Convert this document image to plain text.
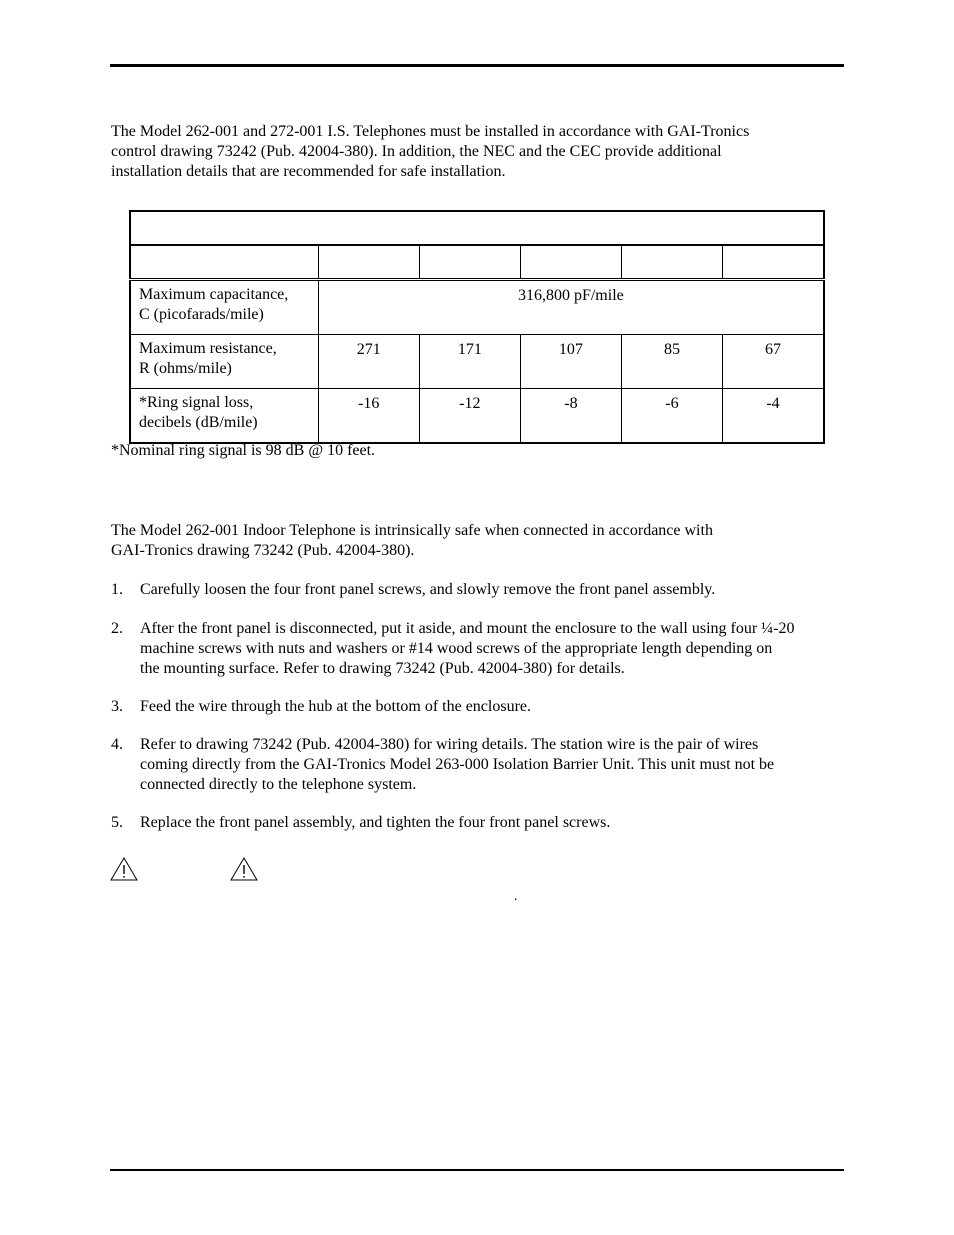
The Model 262-001 and 272-001 I.S. Telephones must be installed in accordance with GAI-Tronics
control drawing 73242 (Pub. 42004-380). In addition, the NEC and the CEC provide additional
installation details that are recommended for safe installation.

Maximum capacitance,
C (picofarads/mile)	316,800 pF/mile				
Maximum resistance,
R (ohms/mile)	271	171	107	85	67
*Ring signal loss,
decibels (dB/mile)	-16	-12	-8	-6	-4

*Nominal ring signal is 98 dB @ 10 feet.

The Model 262-001 Indoor Telephone is intrinsically safe when connected in accordance with
GAI-Tronics drawing 73242 (Pub. 42004-380).

1. Carefully loosen the four front panel screws, and slowly remove the front panel assembly.
2. After the front panel is disconnected, put it aside, and mount the enclosure to the wall using four ¼-20
machine screws with nuts and washers or #14 wood screws of the appropriate length depending on
the mounting surface. Refer to drawing 73242 (Pub. 42004-380) for details.
3. Feed the wire through the hub at the bottom of the enclosure.
4. Refer to drawing 73242 (Pub. 42004-380) for wiring details. The station wire is the pair of wires
coming directly from the GAI-Tronics Model 263-000 Isolation Barrier Unit. This unit must not be
connected directly to the telephone system.
5. Replace the front panel assembly, and tighten the four front panel screws.
.
